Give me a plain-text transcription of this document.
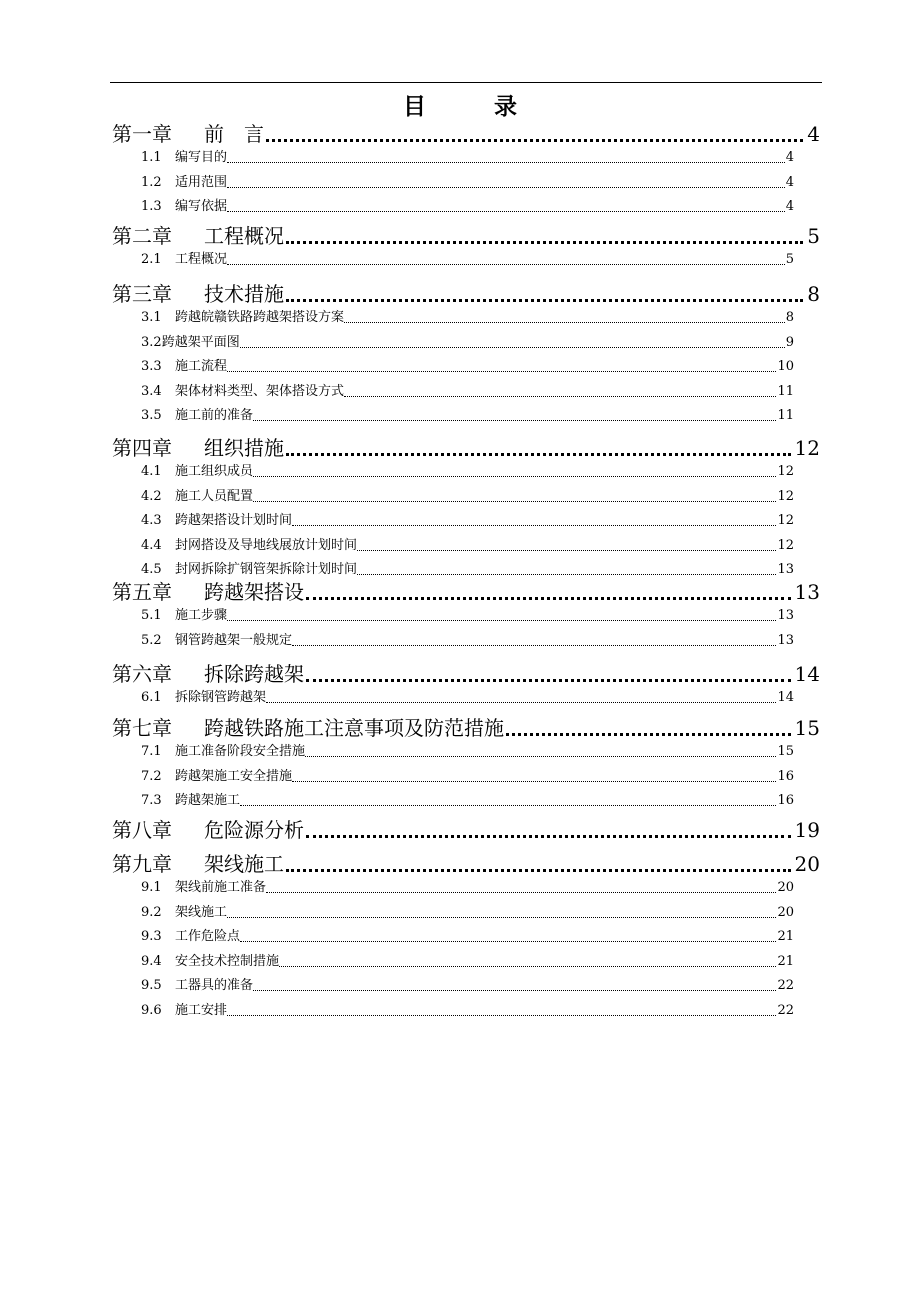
目 录
第一章	前　言	4
1.1	编写目的	4
1.2	适用范围	4
1.3	编写依据	4
第二章	工程概况	5
2.1	工程概况	5
第三章	技术措施	8
3.1	跨越皖赣铁路跨越架搭设方案	8
3.2 跨越架平面图	9
3.3	施工流程	10
3.4	架体材料类型、架体搭设方式	11
3.5	施工前的准备	11
第四章	组织措施	12
4.1	施工组织成员	12
4.2	施工人员配置	12
4.3	跨越架搭设计划时间	12
4.4	封网搭设及导地线展放计划时间	12
4.5	封网拆除扩钢管架拆除计划时间	13
第五章	跨越架搭设	13
5.1	施工步骤	13
5.2	钢管跨越架一般规定	13
第六章	拆除跨越架	14
6.1	拆除钢管跨越架	14
第七章	跨越铁路施工注意事项及防范措施	15
7.1	施工准备阶段安全措施	15
7.2	跨越架施工安全措施	16
7.3	跨越架施工	16
第八章	危险源分析	19
第九章	架线施工	20
9.1	架线前施工准备	20
9.2	架线施工	20
9.3	工作危险点	21
9.4	安全技术控制措施	21
9.5	工器具的准备	22
9.6	施工安排	22
